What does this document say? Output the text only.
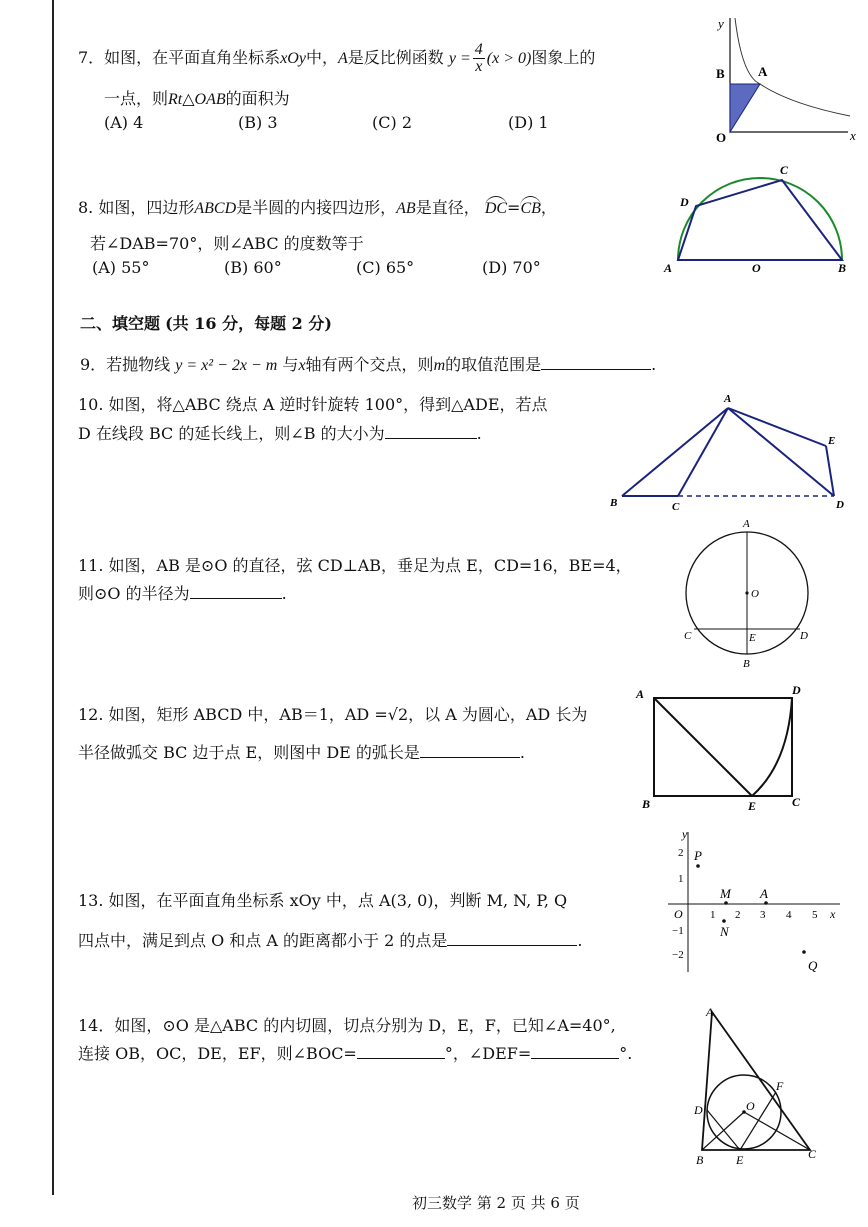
7．如图，在平面直角坐标系xOy中，A是反比例函数 $y = \frac{4}{x} (x > 0)$图象上的
一点，则Rt△OAB的面积为
(A) 4	(B) 3	(C) 2	(D) 1
y
x
B	A
O
8. 如图，四边形ABCD是半圆的内接四边形，AB是直径， DC=CB，
若∠DAB=70°，则∠ABC 的度数等于
(A) 55°	(B) 60°	(C) 65°	(D) 70°	A	B
C
D
O
二、填空题 (共 16 分，每题 2 分)
9．若抛物线 y = x² − 2x − m 与x轴有两个交点，则m的取值范围是	.
10. 如图，将△ABC 绕点 A 逆时针旋转 100°，得到△ADE，若点
D 在线段 BC 的延长线上，则∠B 的大小为	.
A
B	C	D
E
11. 如图，AB 是⊙O 的直径，弦 CD⊥AB，垂足为点 E，CD=16，BE=4，
则⊙O 的半径为	.
A
B
C	D
E
O
12. 如图，矩形 ABCD 中，AB＝1，AD =√2，以 A 为圆心，AD 长为
半径做弧交 BC 边于点 E，则图中 DE 的弧长是	.
A	D
B	C
E
13. 如图，在平面直角坐标系 xOy 中，点 A(3, 0)，判断 M, N, P, Q
四点中，满足到点 O 和点 A 的距离都小于 2 的点是	.
1 2 3 4 5
2
1
−1
−2
y
x
O
P
M A
N
Q
14．如图，⊙O 是△ABC 的内切圆，切点分别为 D，E，F，已知∠A=40°,
连接 OB，OC，DE，EF，则∠BOC=	°，∠DEF=	°.
A
B	C
D
E
F
O
初三数学 第 2 页 共 6 页
